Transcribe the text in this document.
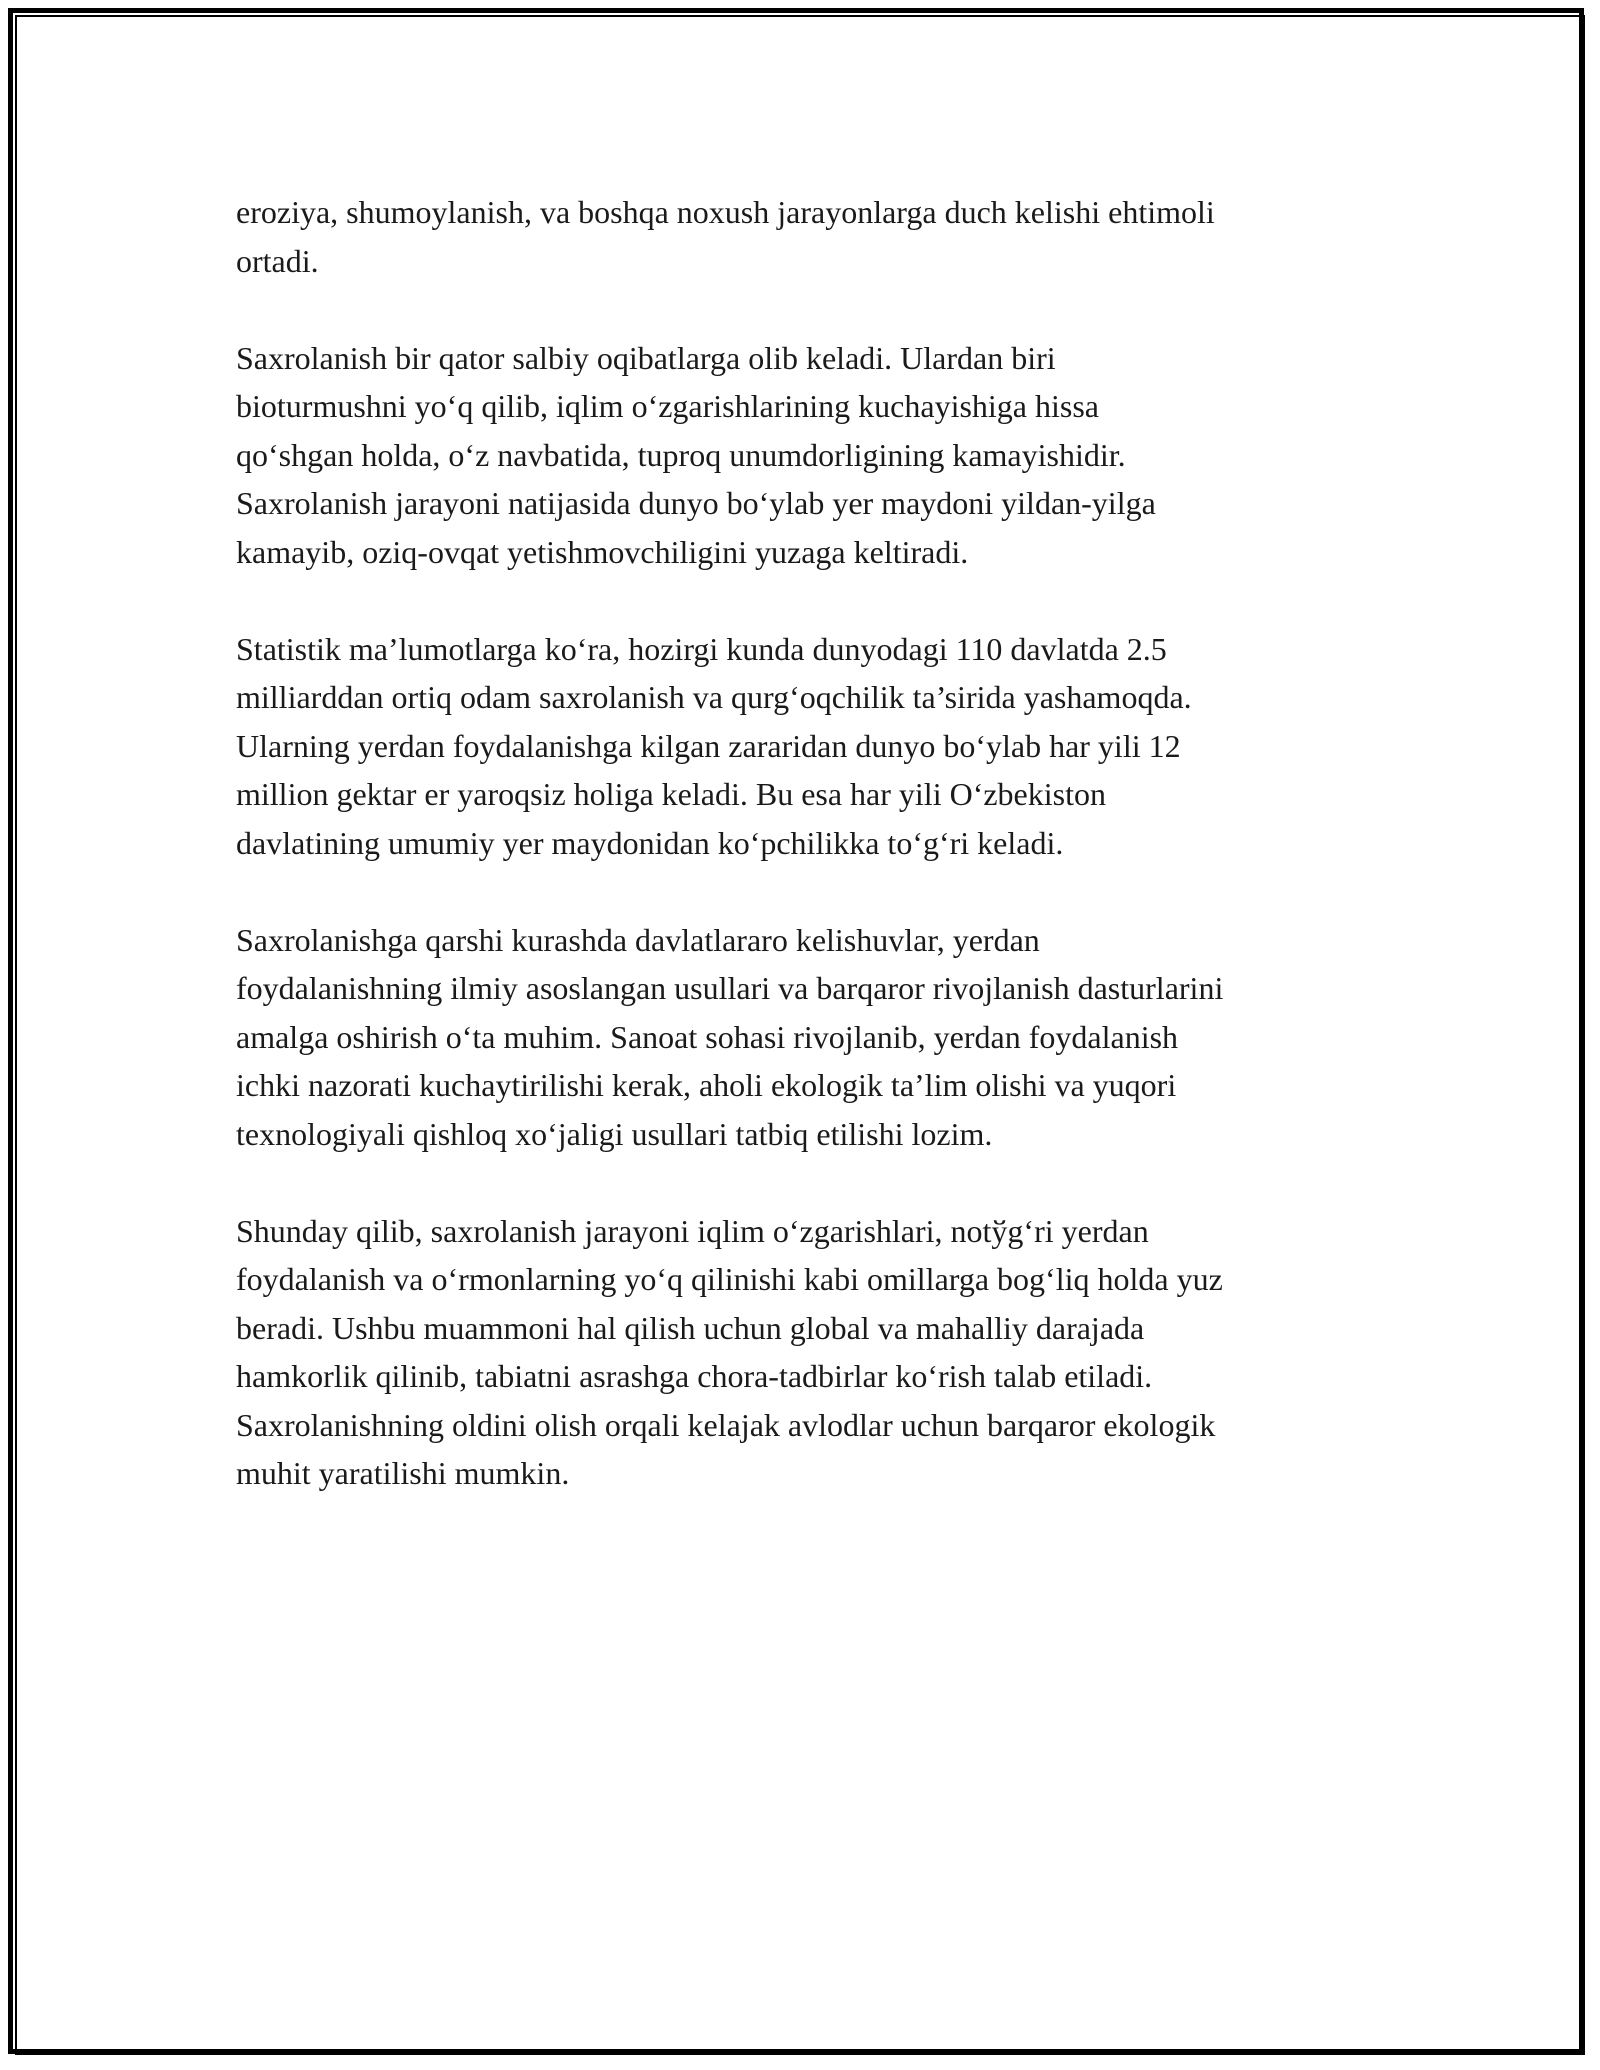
eroziya, shumoylanish, va boshqa noxush jarayonlarga duch kelishi ehtimoli
ortadi.

Saxrolanish bir qator salbiy oqibatlarga olib keladi. Ulardan biri
bioturmushni yoʻq qilib, iqlim oʻzgarishlarining kuchayishiga hissa
qoʻshgan holda, oʻz navbatida, tuproq unumdorligining kamayishidir.
Saxrolanish jarayoni natijasida dunyo boʻylab yer maydoni yildan-yilga
kamayib, oziq-ovqat yetishmovchiligini yuzaga keltiradi.

Statistik ma’lumotlarga koʻra, hozirgi kunda dunyodagi 110 davlatda 2.5
milliarddan ortiq odam saxrolanish va qurgʻoqchilik ta’sirida yashamoqda.
Ularning yerdan foydalanishga kilgan zararidan dunyo boʻylab har yili 12
million gektar er yaroqsiz holiga keladi. Bu esa har yili Oʻzbekiston
davlatining umumiy yer maydonidan koʻpchilikka toʻgʻri keladi.

Saxrolanishga qarshi kurashda davlatlararo kelishuvlar, yerdan
foydalanishning ilmiy asoslangan usullari va barqaror rivojlanish dasturlarini
amalga oshirish oʻta muhim. Sanoat sohasi rivojlanib, yerdan foydalanish
ichki nazorati kuchaytirilishi kerak, aholi ekologik ta’lim olishi va yuqori
texnologiyali qishloq xoʻjaligi usullari tatbiq etilishi lozim.

Shunday qilib, saxrolanish jarayoni iqlim oʻzgarishlari, notўgʻri yerdan
foydalanish va oʻrmonlarning yoʻq qilinishi kabi omillarga bogʻliq holda yuz
beradi. Ushbu muammoni hal qilish uchun global va mahalliy darajada
hamkorlik qilinib, tabiatni asrashga chora-tadbirlar koʻrish talab etiladi.
Saxrolanishning oldini olish orqali kelajak avlodlar uchun barqaror ekologik
muhit yaratilishi mumkin.
